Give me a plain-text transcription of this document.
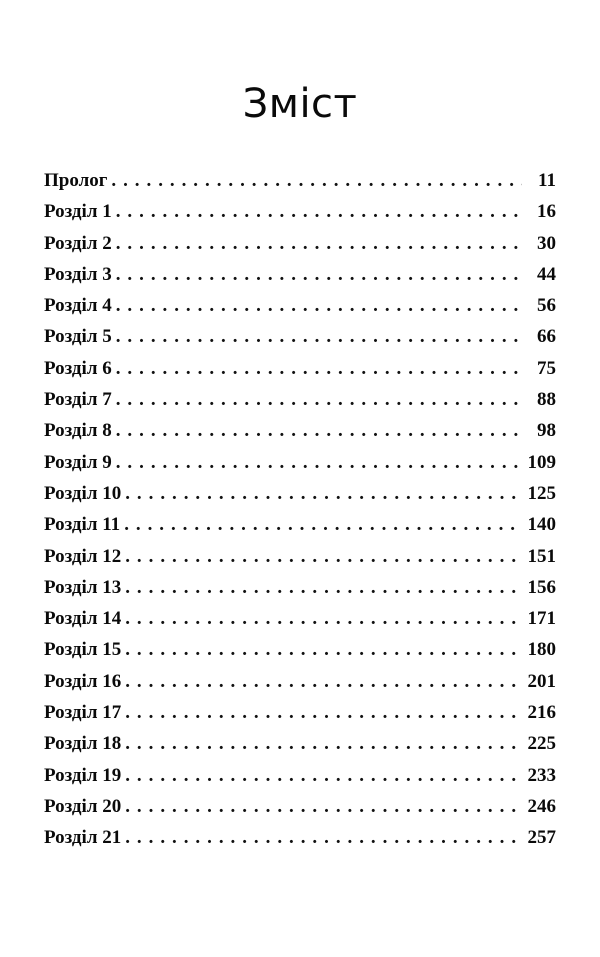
Зміст
Пролог . . .	11
Розділ 1 . . .	16
Розділ 2 . . .	30
Розділ 3 . . .	44
Розділ 4 . . .	56
Розділ 5 . . .	66
Розділ 6 . . .	75
Розділ 7 . . .	88
Розділ 8 . . .	98
Розділ 9 . . .	109
Розділ 10 . . .	125
Розділ 11 . . .	140
Розділ 12 . . .	151
Розділ 13 . . .	156
Розділ 14 . . .	171
Розділ 15 . . .	180
Розділ 16 . . .	201
Розділ 17 . . .	216
Розділ 18 . . .	225
Розділ 19 . . .	233
Розділ 20 . . .	246
Розділ 21 . . .	257
